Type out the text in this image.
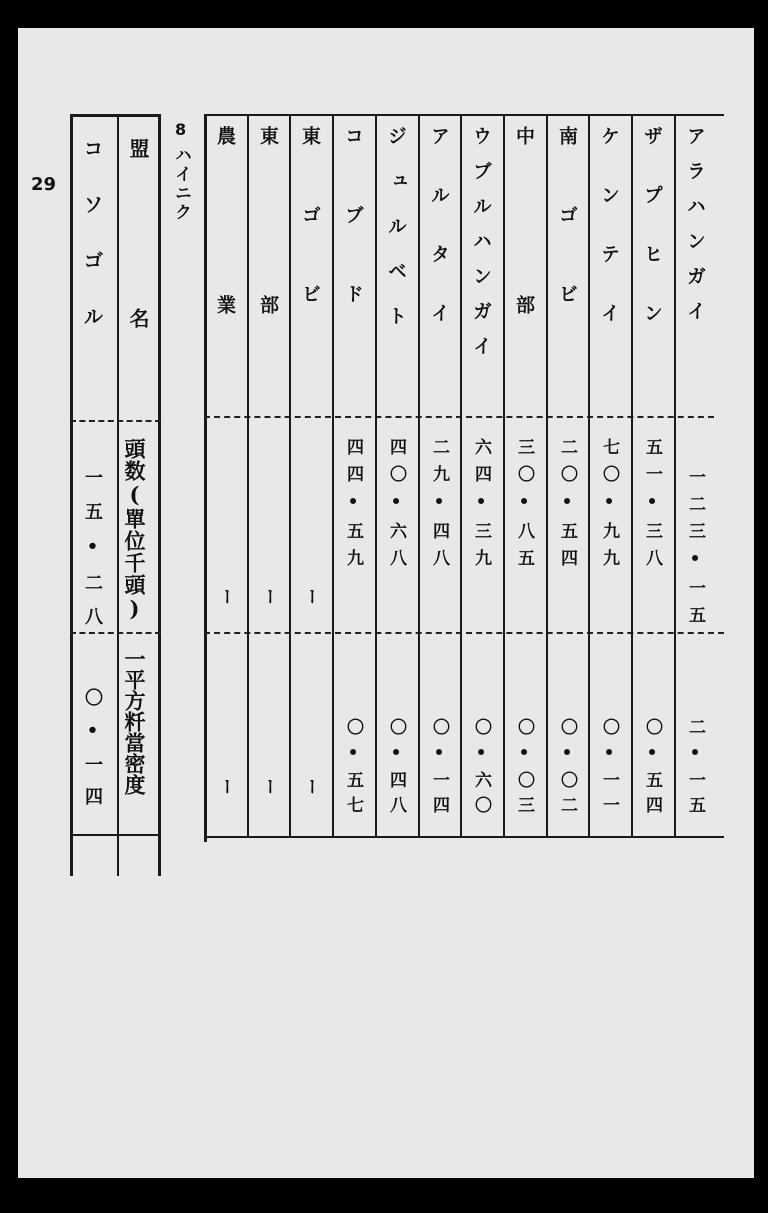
29	盟名
頭数(單位千頭)
一平方粁當密度
コソゴル
一五•二八
〇•一四
8
ハイニク	アラハンガイ
一二三•一五
二•一五
ザプヒン
五一•三八
〇•五四
ケンテイ
七〇•九九
〇•一一
南ゴビ
二〇•五四
〇•〇二
中部
三〇•八五
〇•〇三
ウブルハンガイ
六四•三九
〇•六〇
アルタイ
二九•四八
〇•一四
ジュルベト
四〇•六八
〇•四八
コブド
四四•五九
〇•五七
東ゴビ
ー
ー
東部
ー
ー
農業
ー
ー
